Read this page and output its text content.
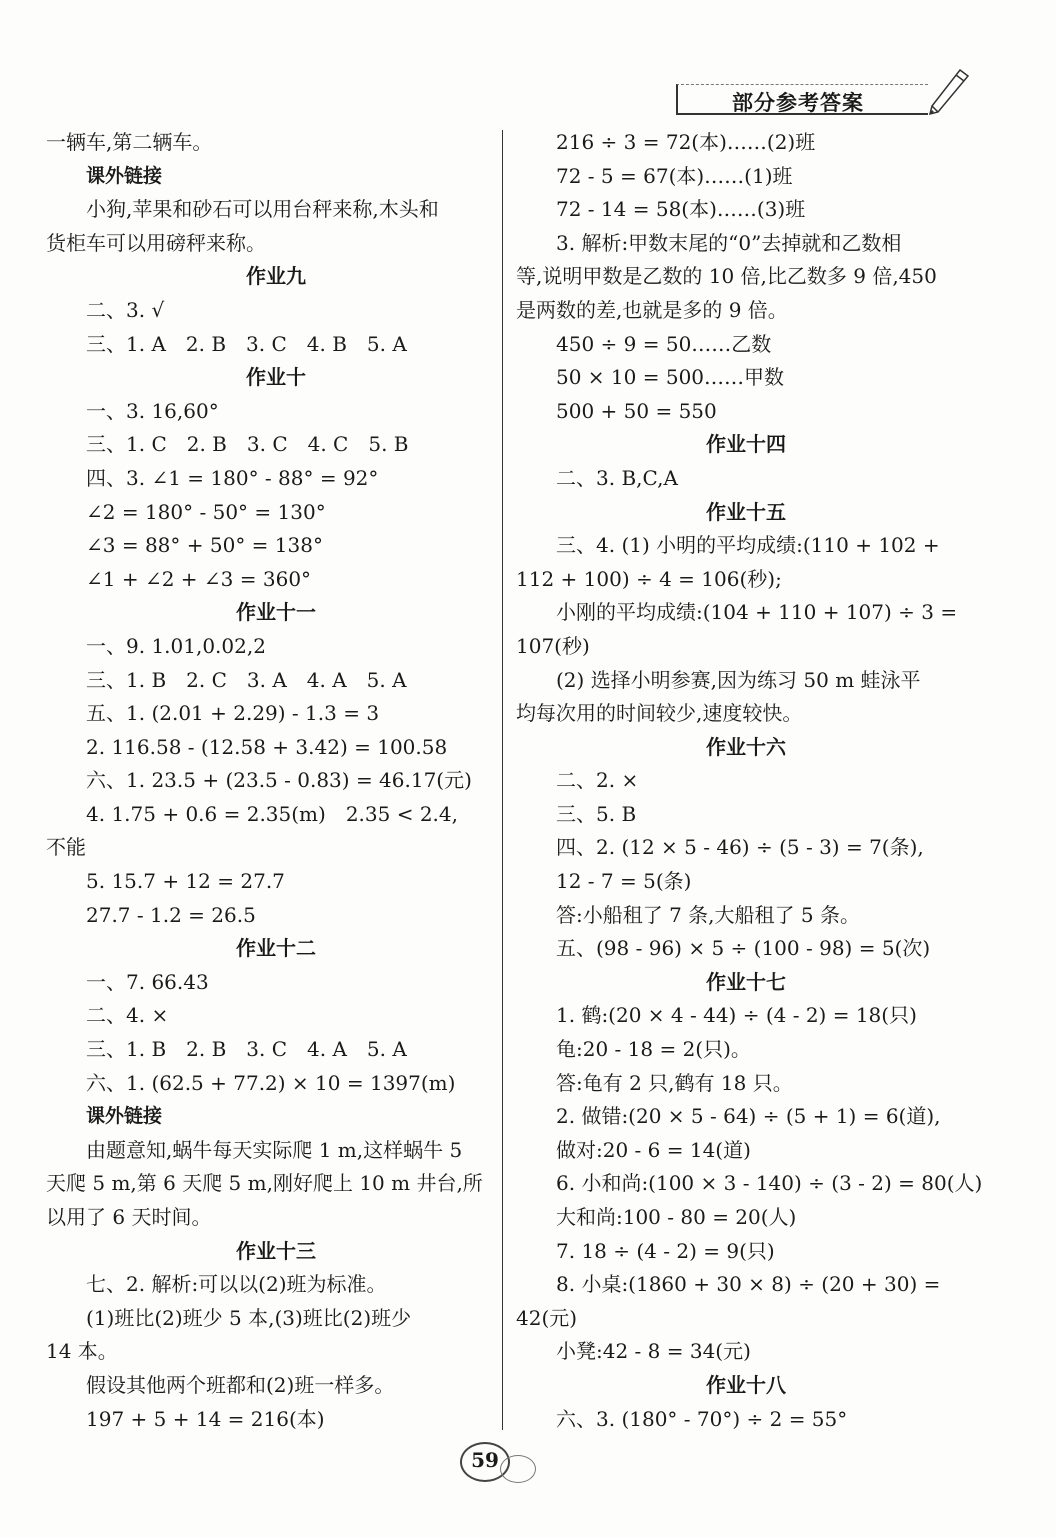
部分参考答案
一辆车,第二辆车。
课外链接
小狗,苹果和砂石可以用台秤来称,木头和
货柜车可以用磅秤来称。
作业九
二、3. √
三、1. A　2. B　3. C　4. B　5. A
作业十
一、3. 16,60°
三、1. C　2. B　3. C　4. C　5. B
四、3. ∠1 = 180° - 88° = 92°
∠2 = 180° - 50° = 130°
∠3 = 88° + 50° = 138°
∠1 + ∠2 + ∠3 = 360°
作业十一
一、9. 1.01,0.02,2
三、1. B　2. C　3. A　4. A　5. A
五、1. (2.01 + 2.29) - 1.3 = 3
2. 116.58 - (12.58 + 3.42) = 100.58
六、1. 23.5 + (23.5 - 0.83) = 46.17(元)
4. 1.75 + 0.6 = 2.35(m)　2.35 < 2.4,
不能
5. 15.7 + 12 = 27.7
27.7 - 1.2 = 26.5
作业十二
一、7. 66.43
二、4. ×
三、1. B　2. B　3. C　4. A　5. A
六、1. (62.5 + 77.2) × 10 = 1397(m)
课外链接
由题意知,蜗牛每天实际爬 1 m,这样蜗牛 5
天爬 5 m,第 6 天爬 5 m,刚好爬上 10 m 井台,所
以用了 6 天时间。
作业十三
七、2. 解析:可以以(2)班为标准。
(1)班比(2)班少 5 本,(3)班比(2)班少
14 本。
假设其他两个班都和(2)班一样多。
197 + 5 + 14 = 216(本)
216 ÷ 3 = 72(本)……(2)班
72 - 5 = 67(本)……(1)班
72 - 14 = 58(本)……(3)班
3. 解析:甲数末尾的“0”去掉就和乙数相
等,说明甲数是乙数的 10 倍,比乙数多 9 倍,450
是两数的差,也就是多的 9 倍。
450 ÷ 9 = 50……乙数
50 × 10 = 500……甲数
500 + 50 = 550
作业十四
二、3. B,C,A
作业十五
三、4. (1) 小明的平均成绩:(110 + 102 +
112 + 100) ÷ 4 = 106(秒);
小刚的平均成绩:(104 + 110 + 107) ÷ 3 =
107(秒)
(2) 选择小明参赛,因为练习 50 m 蛙泳平
均每次用的时间较少,速度较快。
作业十六
二、2. ×
三、5. B
四、2. (12 × 5 - 46) ÷ (5 - 3) = 7(条),
12 - 7 = 5(条)
答:小船租了 7 条,大船租了 5 条。
五、(98 - 96) × 5 ÷ (100 - 98) = 5(次)
作业十七
1. 鹤:(20 × 4 - 44) ÷ (4 - 2) = 18(只)
龟:20 - 18 = 2(只)。
答:龟有 2 只,鹤有 18 只。
2. 做错:(20 × 5 - 64) ÷ (5 + 1) = 6(道),
做对:20 - 6 = 14(道)
6. 小和尚:(100 × 3 - 140) ÷ (3 - 2) = 80(人)
大和尚:100 - 80 = 20(人)
7. 18 ÷ (4 - 2) = 9(只)
8. 小桌:(1860 + 30 × 8) ÷ (20 + 30) =
42(元)
小凳:42 - 8 = 34(元)
作业十八
六、3. (180° - 70°) ÷ 2 = 55°
59
